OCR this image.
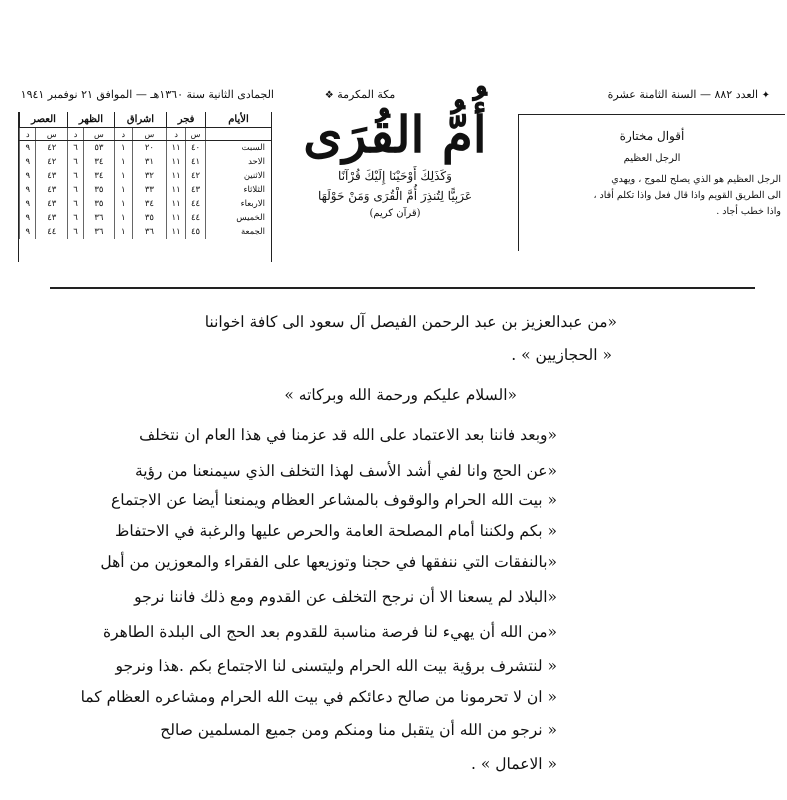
الجمادى الثانية سنة ١٣٦٠هـ — الموافق ٢١ نوفمبر ١٩٤١	مكة المكرمة ❖	✦ العدد ٨٨٢ — السنة الثامنة عشرة
الأيام	فجر		اشراق		الظهر		العصر	
	س	د	س	د	س	د	س	د
السبت	٤٠	١١	٢٠	١	٥٣	٦	٤٢	٩
الاحد	٤١	١١	٣١	١	٣٤	٦	٤٢	٩
الاثنين	٤٢	١١	٣٢	١	٣٤	٦	٤٣	٩
الثلاثاء	٤٣	١١	٣٣	١	٣٥	٦	٤٣	٩
الاربعاء	٤٤	١١	٣٤	١	٣٥	٦	٤٣	٩
الخميس	٤٤	١١	٣٥	١	٣٦	٦	٤٣	٩
الجمعة	٤٥	١١	٣٦	١	٣٦	٦	٤٤	٩
أُمُّ القُرَى
وَكَذَلِكَ أَوْحَيْنَا إِلَيْكَ قُرْآنًا
عَرَبِيًّا لِتُنذِرَ أُمَّ الْقُرَى وَمَنْ حَوْلَهَا
(قرآن كريم)
أقوال مختارة
الرجل العظيم
الرجل العظيم هو الذي يصلح للموج ، ويهدي
الى الطريق القويم واذا قال فعل واذا تكلم أفاد ،
واذا خطب أجاد .
«من عبدالعزيز بن عبد الرحمن الفيصل آل سعود الى كافة اخواننا
« الحجازيين » .
«السلام عليكم ورحمة الله وبركاته »
«وبعد فاننا بعد الاعتماد على الله قد عزمنا في هذا العام ان نتخلف
«عن الحج وانا لفي أشد الأسف لهذا التخلف الذي سيمنعنا من رؤية
« بيت الله الحرام والوقوف بالمشاعر العظام ويمنعنا أيضا عن الاجتماع
« بكم ولكننا أمام المصلحة العامة والحرص عليها والرغبة في الاحتفاظ
«بالنفقات التي ننفقها في حجنا وتوزيعها على الفقراء والمعوزين من أهل
«البلاد لم يسعنا الا أن نرجح التخلف عن القدوم ومع ذلك فاننا نرجو
«من الله أن يهيء لنا فرصة مناسبة للقدوم بعد الحج الى البلدة الطاهرة
« لنتشرف برؤية بيت الله الحرام وليتسنى لنا الاجتماع بكم .هذا ونرجو
« ان لا تحرمونا من صالح دعائكم في بيت الله الحرام ومشاعره العظام كما
« نرجو من الله أن يتقبل منا ومنكم ومن جميع المسلمين صالح
« الاعمال » .
